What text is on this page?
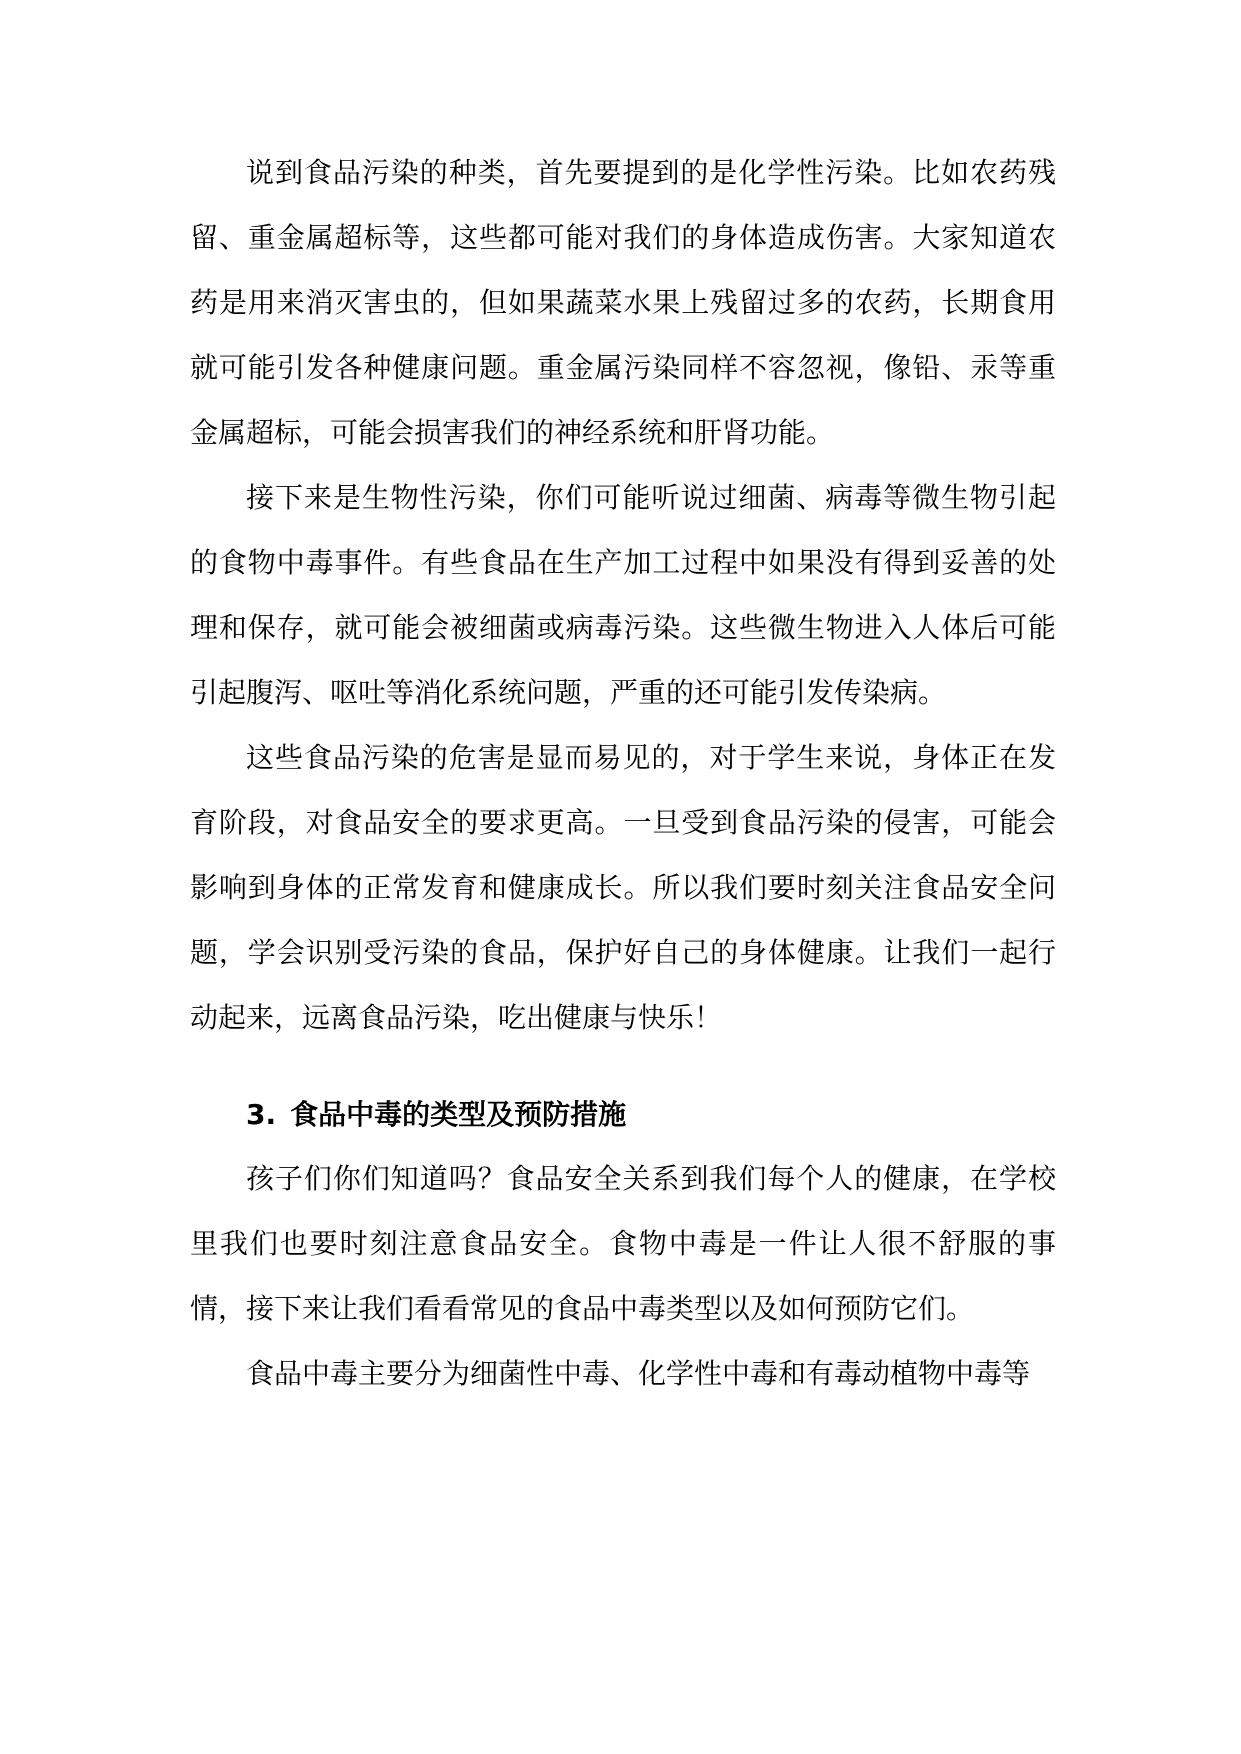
说到食品污染的种类，首先要提到的是化学性污染。比如农药残留、重金属超标等，这些都可能对我们的身体造成伤害。大家知道农药是用来消灭害虫的，但如果蔬菜水果上残留过多的农药，长期食用就可能引发各种健康问题。重金属污染同样不容忽视，像铅、汞等重金属超标，可能会损害我们的神经系统和肝肾功能。

接下来是生物性污染，你们可能听说过细菌、病毒等微生物引起的食物中毒事件。有些食品在生产加工过程中如果没有得到妥善的处理和保存，就可能会被细菌或病毒污染。这些微生物进入人体后可能引起腹泻、呕吐等消化系统问题，严重的还可能引发传染病。

这些食品污染的危害是显而易见的，对于学生来说，身体正在发育阶段，对食品安全的要求更高。一旦受到食品污染的侵害，可能会影响到身体的正常发育和健康成长。所以我们要时刻关注食品安全问题，学会识别受污染的食品，保护好自己的身体健康。让我们一起行动起来，远离食品污染，吃出健康与快乐！

3. 食品中毒的类型及预防措施

孩子们你们知道吗？食品安全关系到我们每个人的健康，在学校里我们也要时刻注意食品安全。食物中毒是一件让人很不舒服的事情，接下来让我们看看常见的食品中毒类型以及如何预防它们。

食品中毒主要分为细菌性中毒、化学性中毒和有毒动植物中毒等
